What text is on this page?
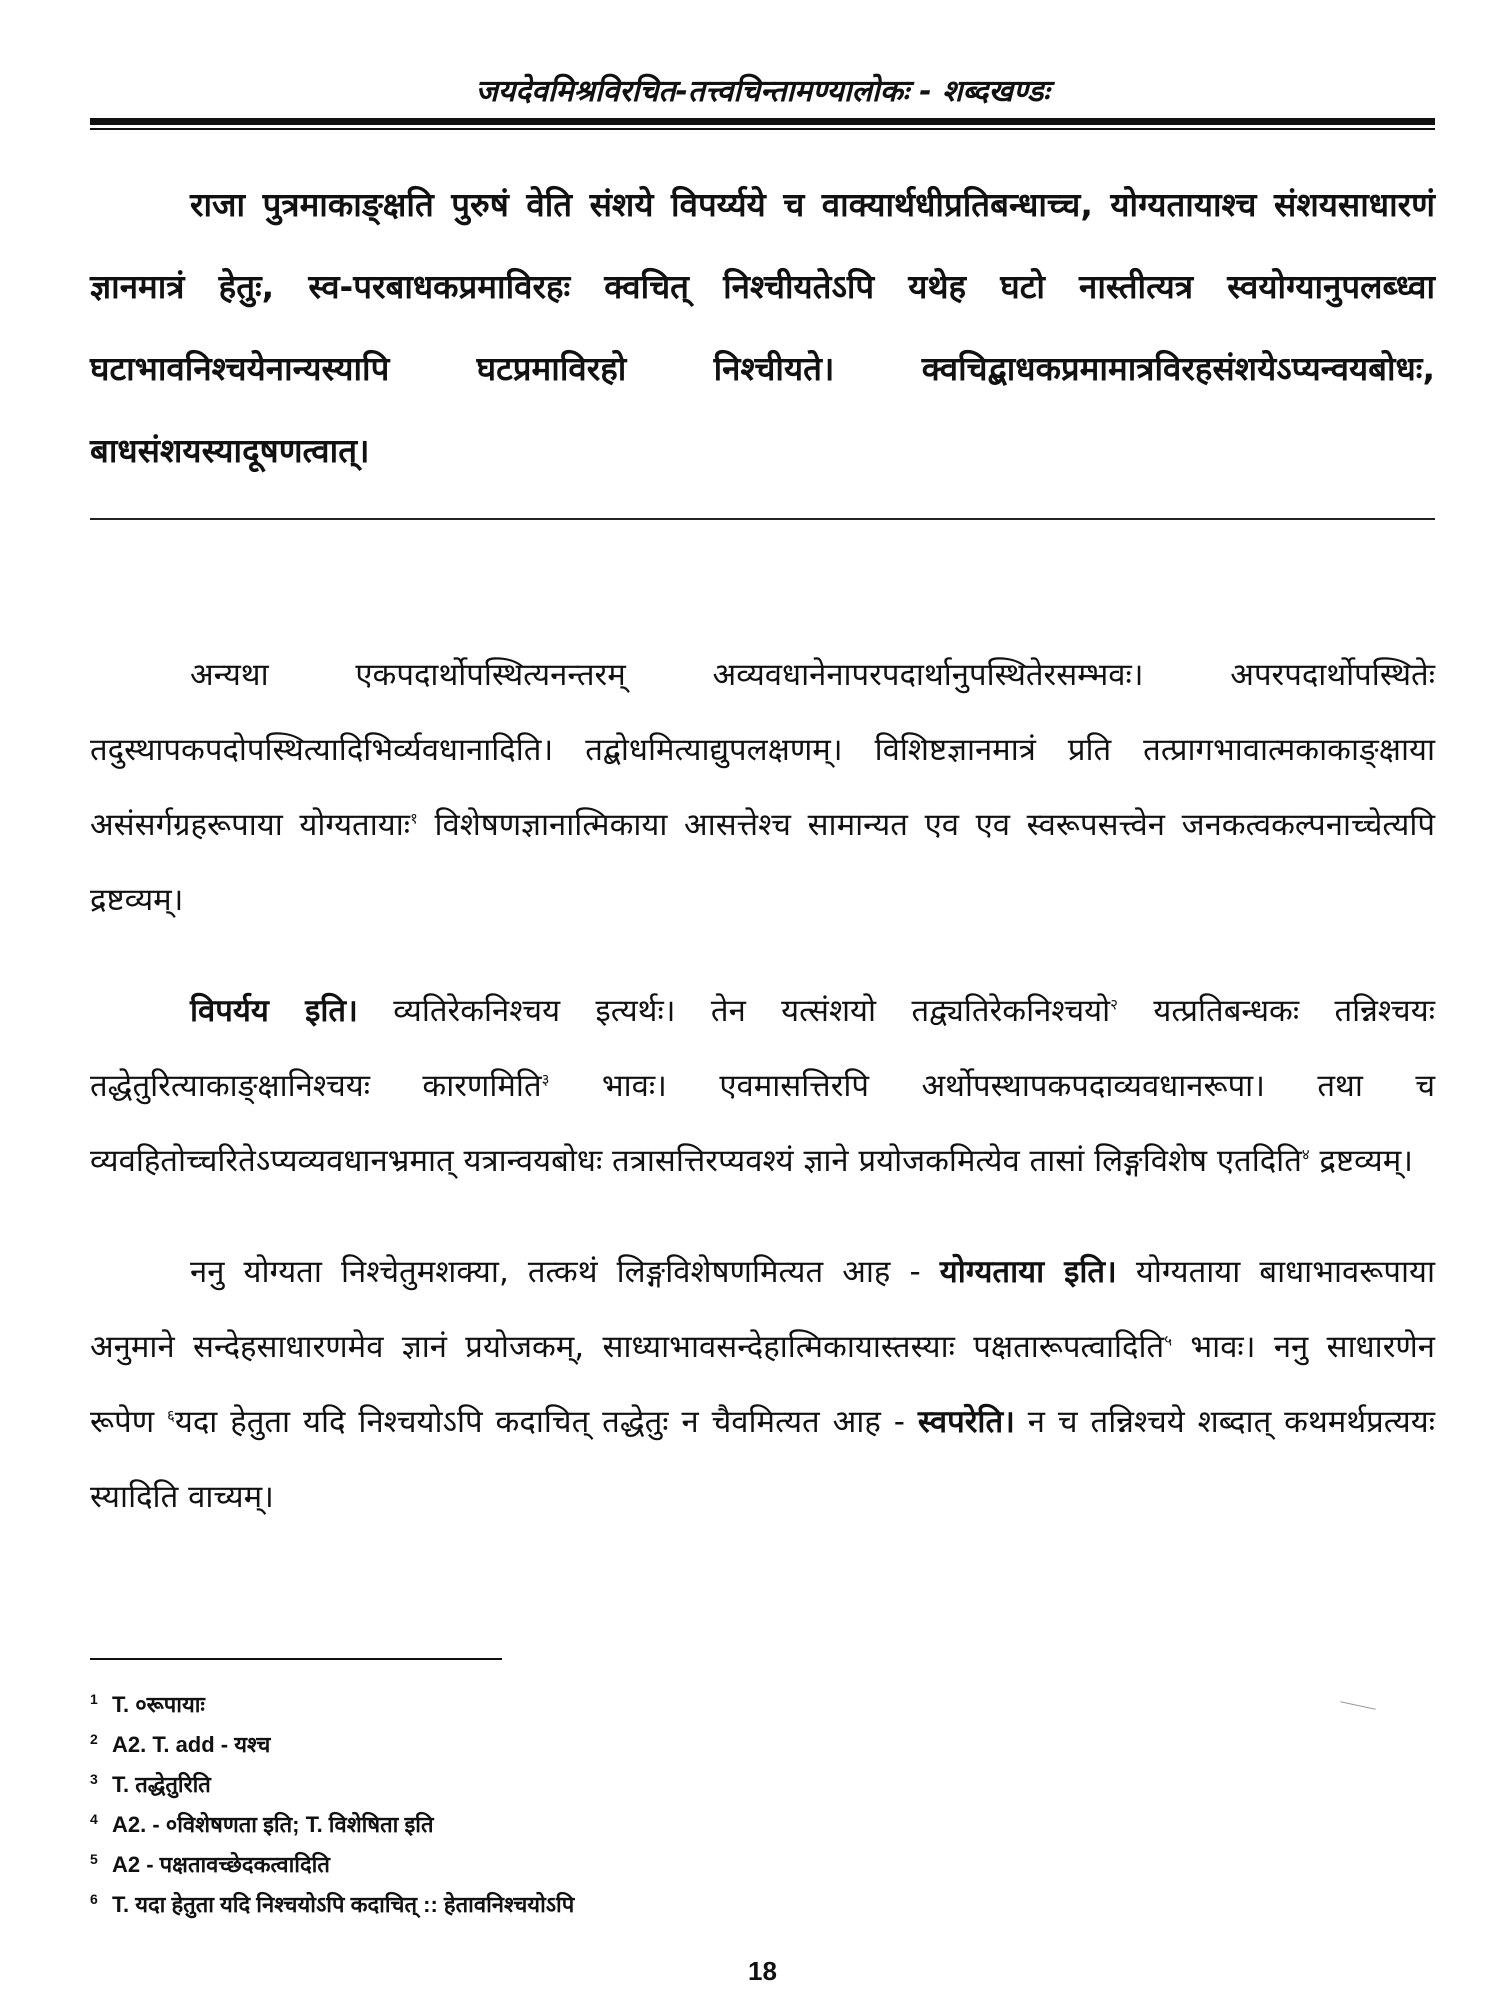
जयदेवमिश्रविरचित-तत्त्वचिन्तामण्यालोकः - शब्दखण्डः
राजा पुत्रमाकाङ्क्षति पुरुषं वेति संशये विपर्य्यये च वाक्यार्थधीप्रतिबन्धाच्च, योग्यतायाश्च संशयसाधारणं ज्ञानमात्रं हेतुः, स्व-परबाधकप्रमाविरहः क्वचित् निश्चीयतेऽपि यथेह घटो नास्तीत्यत्र स्वयोग्यानुपलब्ध्वा घटाभावनिश्चयेनान्यस्यापि घटप्रमाविरहो निश्चीयते। क्वचिद्बाधकप्रमामात्रविरहसंशयेऽप्यन्वयबोधः, बाधसंशयस्यादूषणत्वात्।

अन्यथा एकपदार्थोपस्थित्यनन्तरम् अव्यवधानेनापरपदार्थानुपस्थितेरसम्भवः। अपरपदार्थोपस्थितेः तदुस्थापकपदोपस्थित्यादिभिर्व्यवधानादिति। तद्बोधमित्याद्युपलक्षणम्। विशिष्टज्ञानमात्रं प्रति तत्प्रागभावात्मकाकाङ्क्षाया असंसर्गग्रहरूपाया योग्यतायाः$^१$ विशेषणज्ञानात्मिकाया आसत्तेश्च सामान्यत एव एव स्वरूपसत्त्वेन जनकत्वकल्पनाच्चेत्यपि द्रष्टव्यम्।

विपर्यय इति। व्यतिरेकनिश्चय इत्यर्थः। तेन यत्संशयो तद्व्यतिरेकनिश्चयो$^२$ यत्प्रतिबन्धकः तन्निश्चयः तद्धेतुरित्याकाङ्क्षानिश्चयः कारणमिति$^३$ भावः। एवमासत्तिरपि अर्थोपस्थापकपदाव्यवधानरूपा। तथा च व्यवहितोच्चरितेऽप्यव्यवधानभ्रमात् यत्रान्वयबोधः तत्रासत्तिरप्यवश्यं ज्ञाने प्रयोजकमित्येव तासां लिङ्गविशेष एतदिति$^४$ द्रष्टव्यम्।

ननु योग्यता निश्चेतुमशक्या, तत्कथं लिङ्गविशेषणमित्यत आह - योग्यताया इति। योग्यताया बाधाभावरूपाया अनुमाने सन्देहसाधारणमेव ज्ञानं प्रयोजकम्, साध्याभावसन्देहात्मिकायास्तस्याः पक्षतारूपत्वादिति$^५$ भावः। ननु साधारणेन रूपेण $^६$यदा हेतुता यदि निश्चयोऽपि कदाचित् तद्धेतुः न चैवमित्यत आह - स्वपरेति। न च तन्निश्चये शब्दात् कथमर्थप्रत्ययः स्यादिति वाच्यम्।

1 T. ०रूपायाः
2 A2. T. add - यश्च
3 T. तद्धेतुरिति
4 A2. - ०विशेषणता इति; T. विशेषिता इति
5 A2 - पक्षतावच्छेदकत्वादिति
6 T. यदा हेतुता यदि निश्चयोऽपि कदाचित् :: हेतावनिश्चयोऽपि
18
